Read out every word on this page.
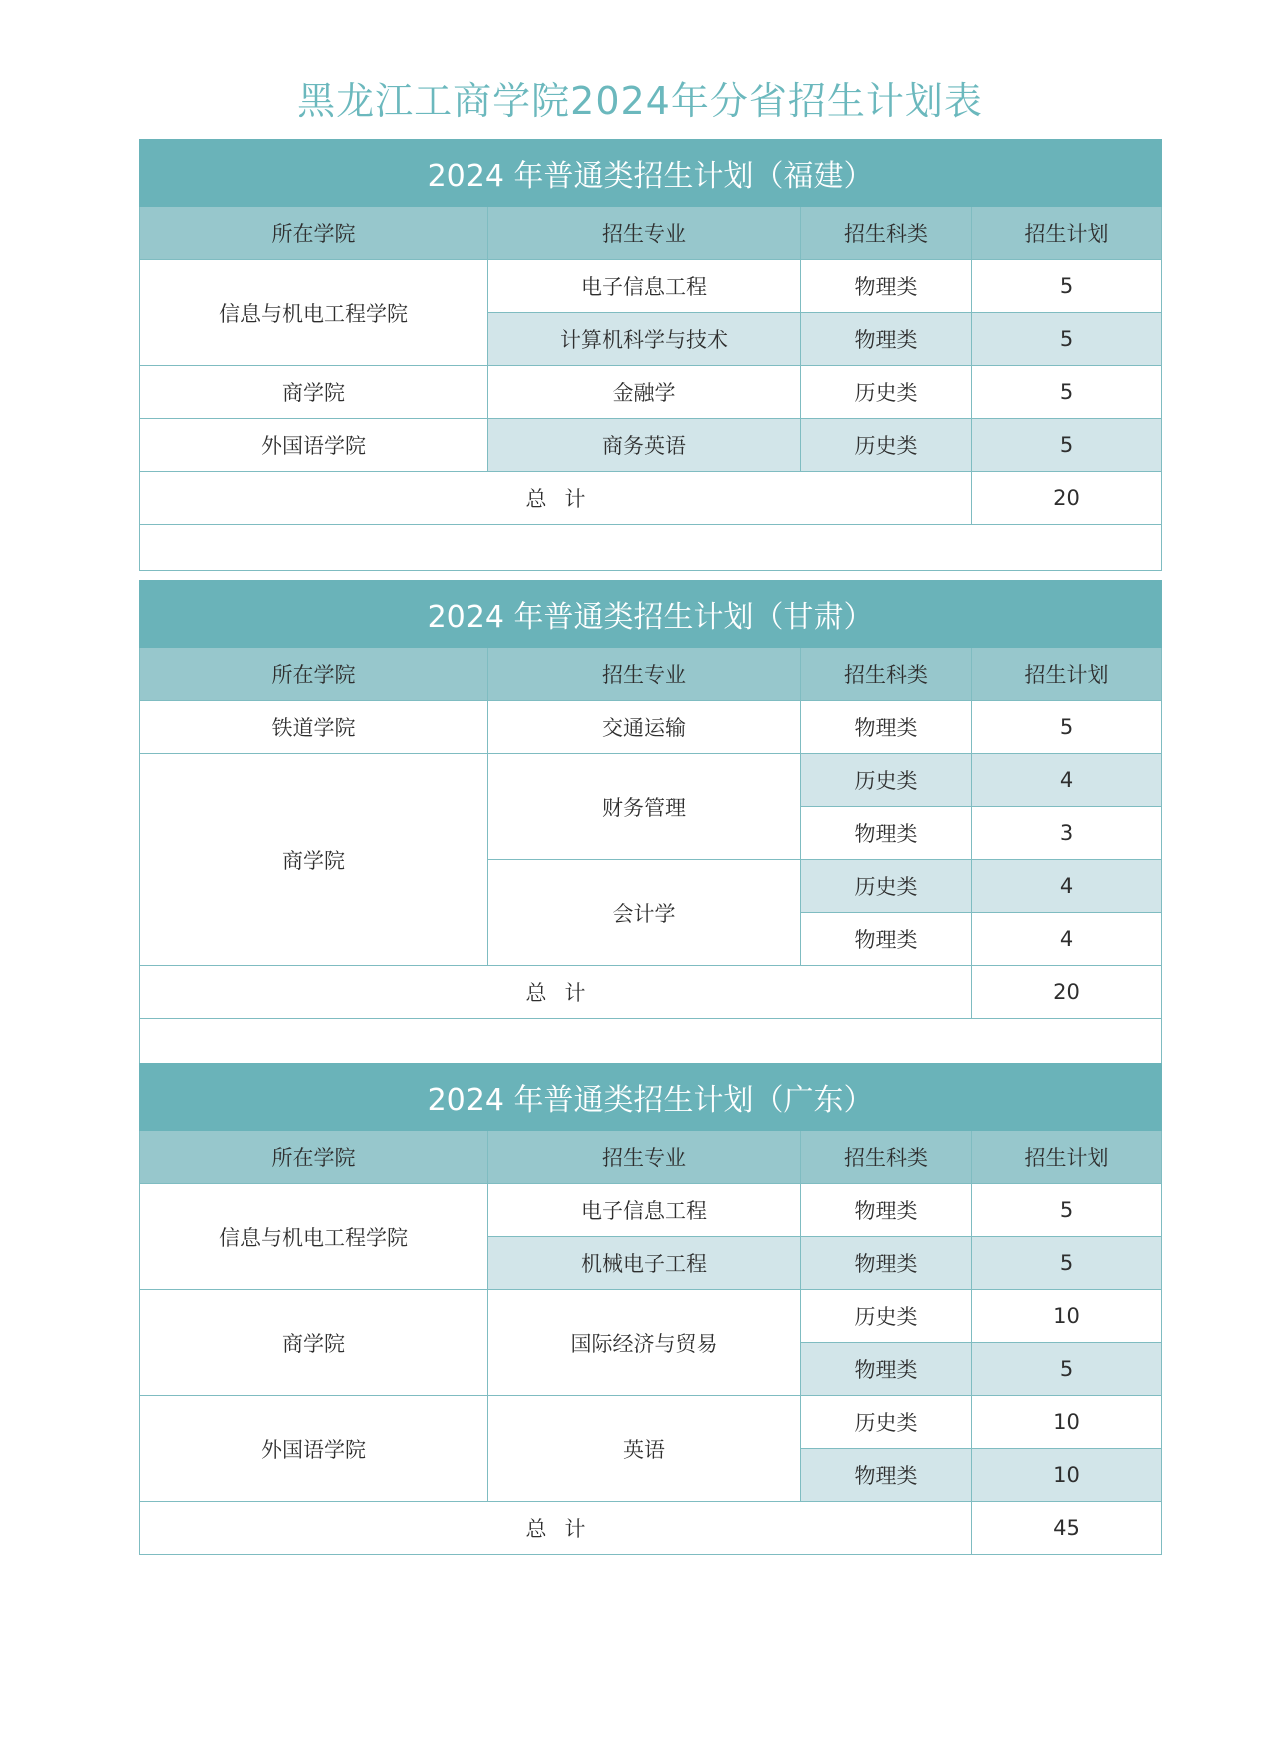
黑龙江工商学院2024年分省招生计划表
2024 年普通类招生计划（福建）			
所在学院	招生专业	招生科类	招生计划
信息与机电工程学院	电子信息工程	物理类	5
	计算机科学与技术	物理类	5
商学院	金融学	历史类	5
外国语学院	商务英语	历史类	5
总计			20

2024 年普通类招生计划（甘肃）			
所在学院	招生专业	招生科类	招生计划
铁道学院	交通运输	物理类	5
商学院	财务管理	历史类	4
		物理类	3
	会计学	历史类	4
		物理类	4
总计			20

2024 年普通类招生计划（广东）			
所在学院	招生专业	招生科类	招生计划
信息与机电工程学院	电子信息工程	物理类	5
	机械电子工程	物理类	5
商学院	国际经济与贸易	历史类	10
		物理类	5
外国语学院	英语	历史类	10
		物理类	10
总计			45
